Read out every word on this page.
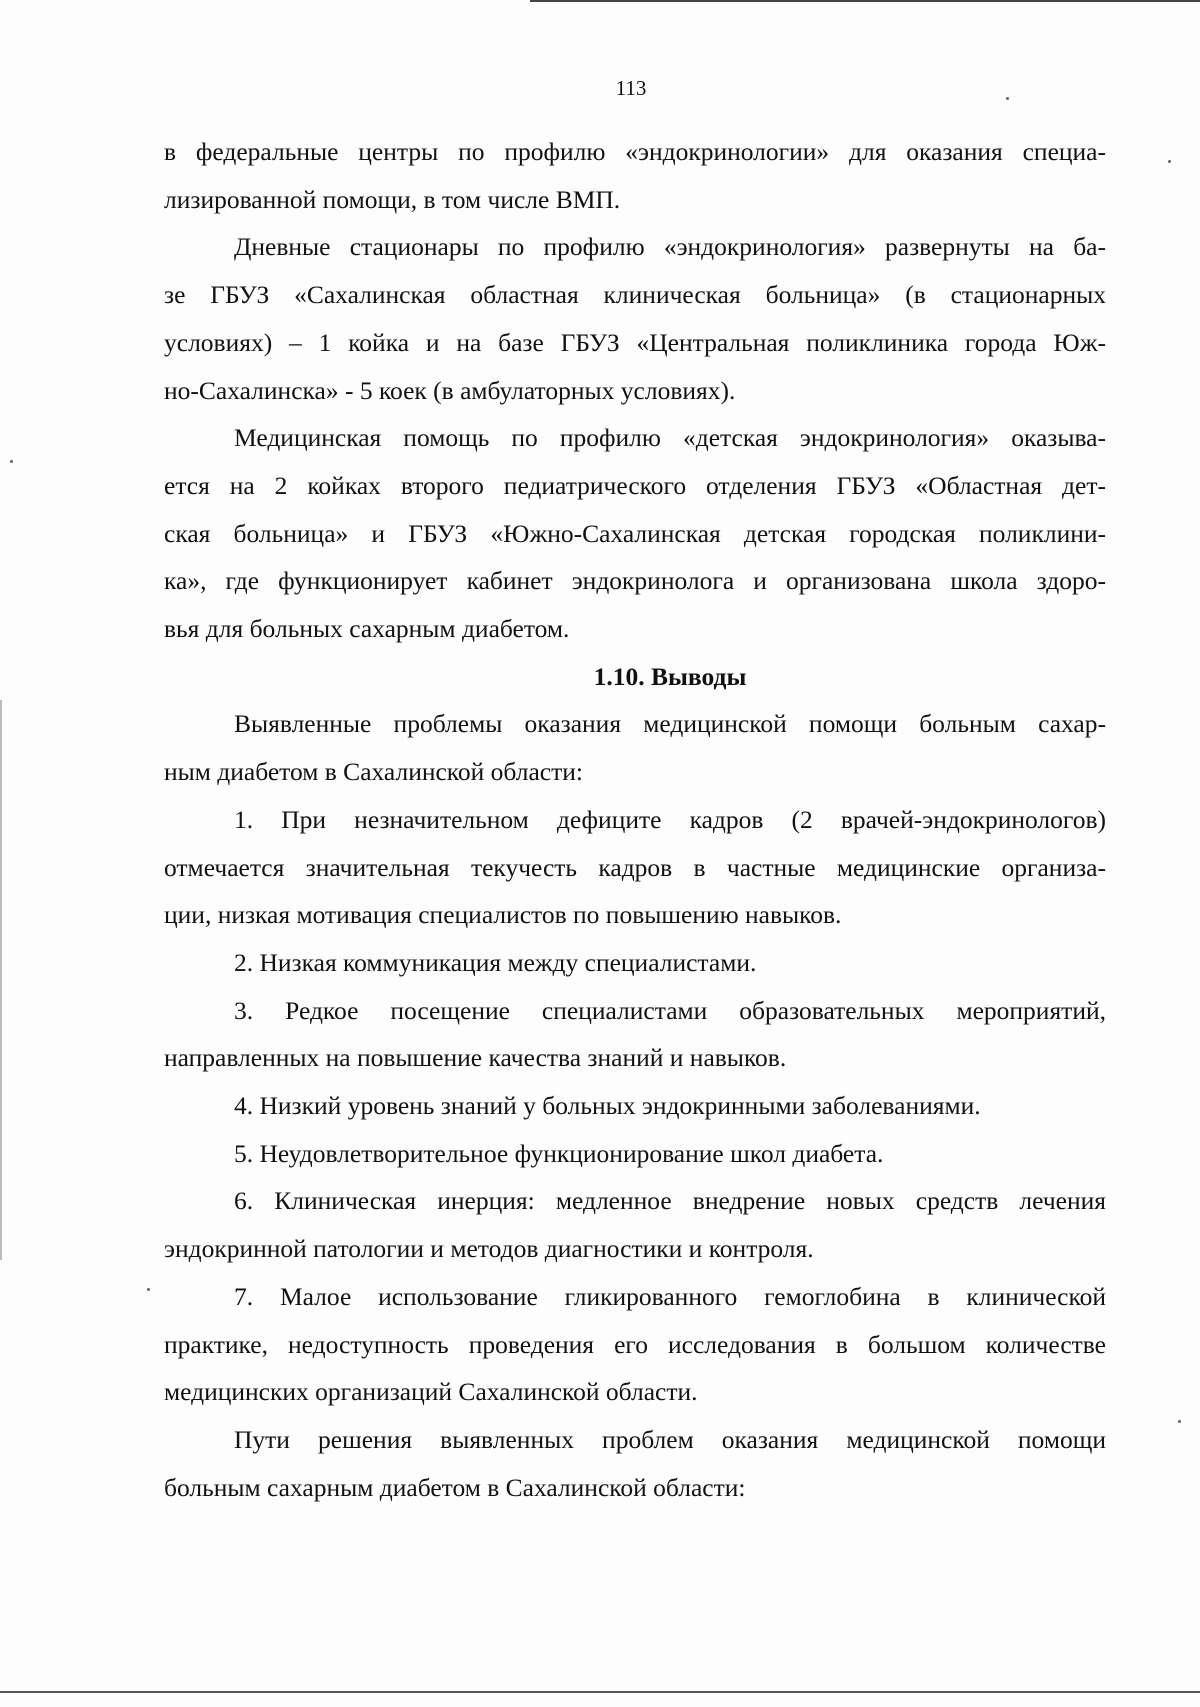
113

в федеральные центры по профилю «эндокринологии» для оказания специа-
лизированной помощи, в том числе ВМП.

Дневные стационары по профилю «эндокринология» развернуты на ба-
зе ГБУЗ «Сахалинская областная клиническая больница» (в стационарных
условиях) – 1 койка и на базе ГБУЗ «Центральная поликлиника города Юж-
но-Сахалинска» - 5 коек (в амбулаторных условиях).

Медицинская помощь по профилю «детская эндокринология» оказыва-
ется на 2 койках второго педиатрического отделения ГБУЗ «Областная дет-
ская больница» и ГБУЗ «Южно-Сахалинская детская городская поликлини-
ка», где функционирует кабинет эндокринолога и организована школа здоро-
вья для больных сахарным диабетом.

1.10. Выводы

Выявленные проблемы оказания медицинской помощи больным сахар-
ным диабетом в Сахалинской области:

1. При незначительном дефиците кадров (2 врачей-эндокринологов)
отмечается значительная текучесть кадров в частные медицинские организа-
ции, низкая мотивация специалистов по повышению навыков.

2. Низкая коммуникация между специалистами.

3. Редкое посещение специалистами образовательных мероприятий,
направленных на повышение качества знаний и навыков.

4. Низкий уровень знаний у больных эндокринными заболеваниями.

5. Неудовлетворительное функционирование школ диабета.

6. Клиническая инерция: медленное внедрение новых средств лечения
эндокринной патологии и методов диагностики и контроля.

7. Малое использование гликированного гемоглобина в клинической
практике, недоступность проведения его исследования в большом количестве
медицинских организаций Сахалинской области.

Пути решения выявленных проблем оказания медицинской помощи
больным сахарным диабетом в Сахалинской области:
